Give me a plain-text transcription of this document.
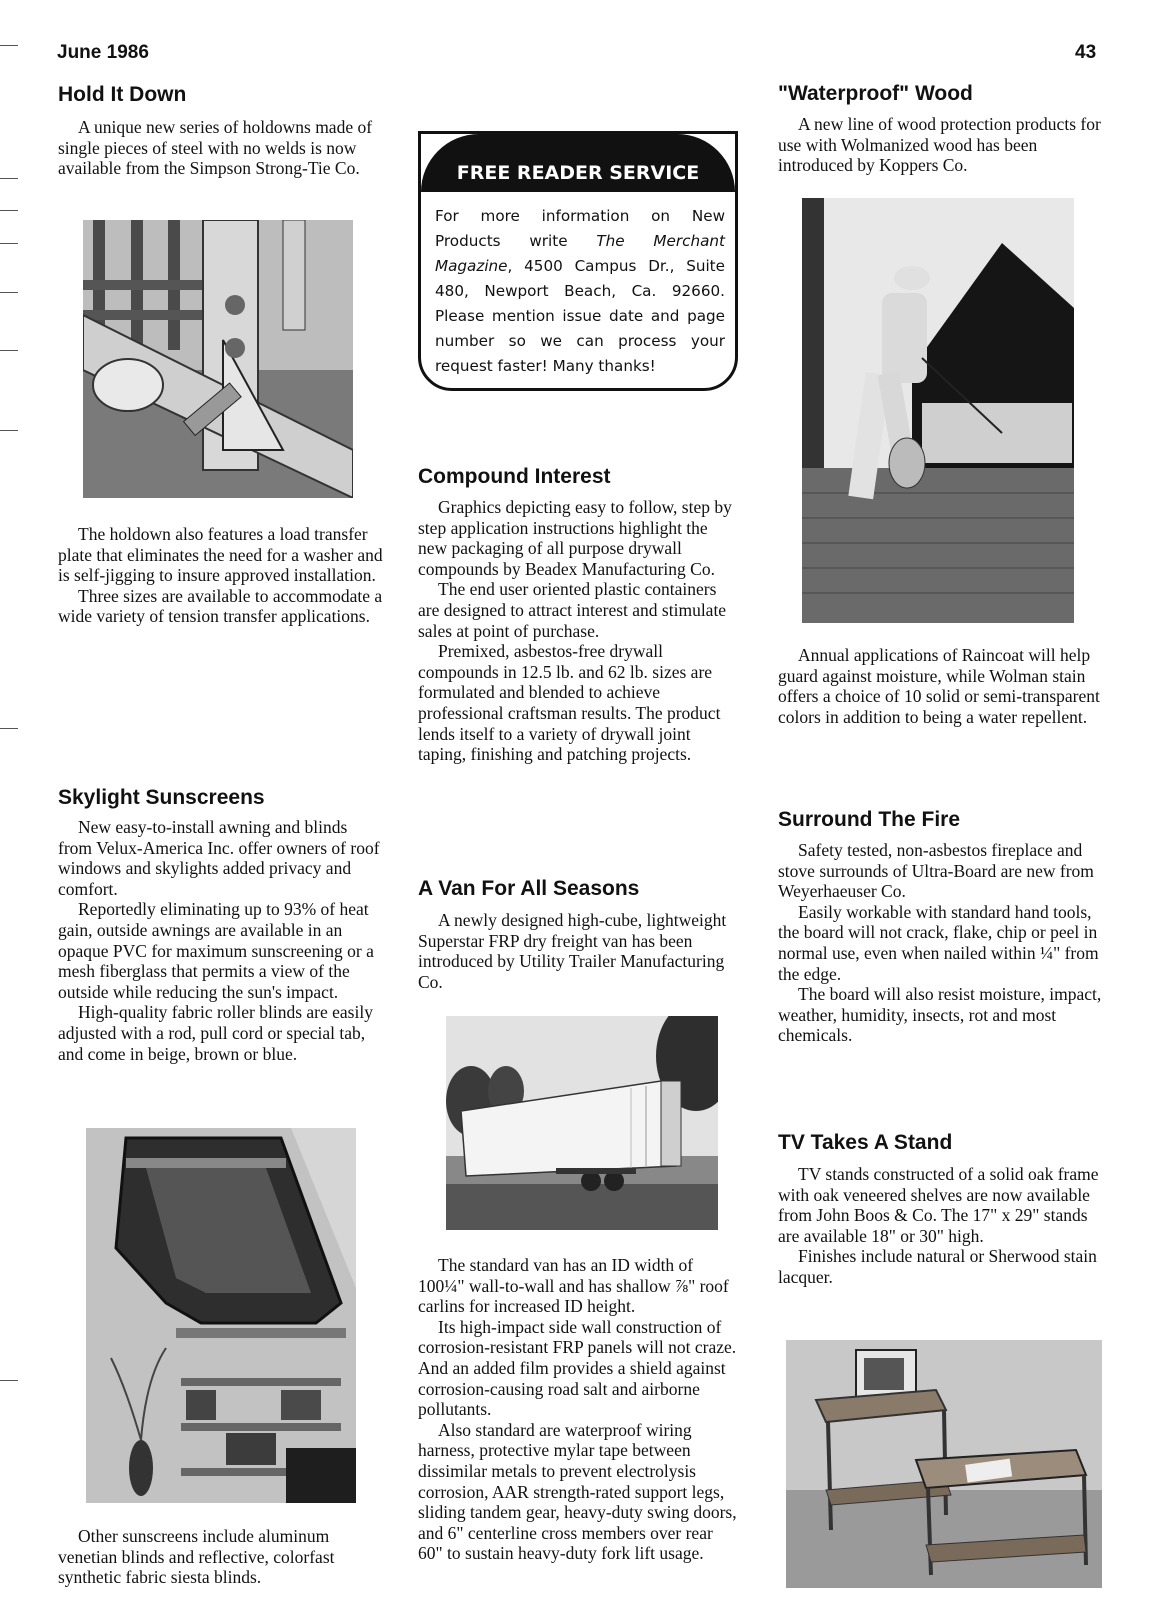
June 1986	43
Hold It Down

A unique new series of holdowns made of single pieces of steel with no welds is now available from the Simpson Strong-Tie Co.

The holdown also features a load transfer plate that eliminates the need for a washer and is self-jigging to insure approved installation.

Three sizes are available to accommodate a wide variety of tension transfer applications.

Skylight Sunscreens

New easy-to-install awning and blinds from Velux-America Inc. offer owners of roof windows and skylights added privacy and comfort.

Reportedly eliminating up to 93% of heat gain, outside awnings are available in an opaque PVC for maximum sunscreening or a mesh fiberglass that permits a view of the outside while reducing the sun's impact.

High-quality fabric roller blinds are easily adjusted with a rod, pull cord or special tab, and come in beige, brown or blue.

Other sunscreens include aluminum venetian blinds and reflective, colorfast synthetic fabric siesta blinds.

FREE READER SERVICE
For more information on New Products write The Merchant Magazine, 4500 Campus Dr., Suite 480, Newport Beach, Ca. 92660. Please mention issue date and page number so we can process your request faster! Many thanks!
Compound Interest

Graphics depicting easy to follow, step by step application instructions highlight the new packaging of all purpose drywall compounds by Beadex Manufacturing Co.

The end user oriented plastic containers are designed to attract interest and stimulate sales at point of purchase.

Premixed, asbestos-free drywall compounds in 12.5 lb. and 62 lb. sizes are formulated and blended to achieve professional craftsman results. The product lends itself to a variety of drywall joint taping, finishing and patching projects.

A Van For All Seasons

A newly designed high-cube, lightweight Superstar FRP dry freight van has been introduced by Utility Trailer Manufacturing Co.

The standard van has an ID width of 100¼" wall-to-wall and has shallow ⅞" roof carlins for increased ID height.

Its high-impact side wall construction of corrosion-resistant FRP panels will not craze. And an added film provides a shield against corrosion-causing road salt and airborne pollutants.

Also standard are waterproof wiring harness, protective mylar tape between dissimilar metals to prevent electrolysis corrosion, AAR strength-rated support legs, sliding tandem gear, heavy-duty swing doors, and 6" centerline cross members over rear 60" to sustain heavy-duty fork lift usage.

"Waterproof" Wood

A new line of wood protection products for use with Wolmanized wood has been introduced by Koppers Co.

Annual applications of Raincoat will help guard against moisture, while Wolman stain offers a choice of 10 solid or semi-transparent colors in addition to being a water repellent.

Surround The Fire

Safety tested, non-asbestos fireplace and stove surrounds of Ultra-Board are new from Weyerhaeuser Co.

Easily workable with standard hand tools, the board will not crack, flake, chip or peel in normal use, even when nailed within ¼" from the edge.

The board will also resist moisture, impact, weather, humidity, insects, rot and most chemicals.

TV Takes A Stand

TV stands constructed of a solid oak frame with oak veneered shelves are now available from John Boos & Co. The 17" x 29" stands are available 18" or 30" high.

Finishes include natural or Sherwood stain lacquer.
